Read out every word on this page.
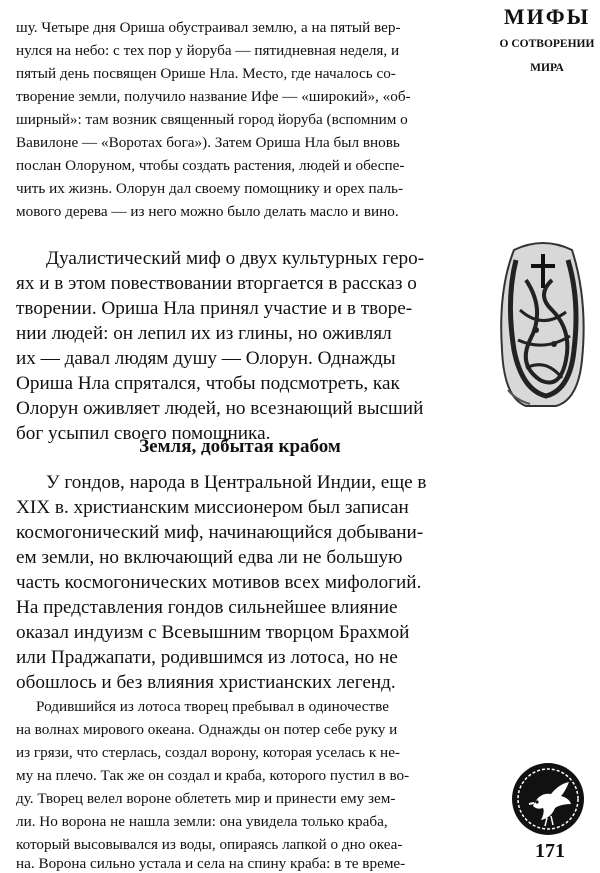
МИФЫ
О СОТВОРЕНИИ
МИРА
шу. Четыре дня Ориша обустраивал землю, а на пятый вер-
нулся на небо: с тех пор у йоруба — пятидневная неделя, и
пятый день посвящен Орише Нла. Место, где началось со-
творение земли, получило название Ифе — «широкий», «об-
ширный»: там возник священный город йоруба (вспомним о
Вавилоне — «Воротах бога»). Затем Ориша Нла был вновь
послан Олоруном, чтобы создать растения, людей и обеспе-
чить их жизнь. Олорун дал своему помощнику и орех паль-
мового дерева — из него можно было делать масло и вино.
Дуалистический миф о двух культурных геро-
ях и в этом повествовании вторгается в рассказ о
творении. Ориша Нла принял участие и в творе-
нии людей: он лепил их из глины, но оживлял
их — давал людям душу — Олорун. Однажды
Ориша Нла спрятался, чтобы подсмотреть, как
Олорун оживляет людей, но всезнающий высший
бог усыпил своего помощника.
Земля, добытая крабом
У гондов, народа в Центральной Индии, еще в
XIX в. христианским миссионером был записан
космогонический миф, начинающийся добывани-
ем земли, но включающий едва ли не большую
часть космогонических мотивов всех мифологий.
На представления гондов сильнейшее влияние
оказал индуизм с Всевышним творцом Брахмой
или Праджапати, родившимся из лотоса, но не
обошлось и без влияния христианских легенд.
Родившийся из лотоса творец пребывал в одиночестве
на волнах мирового океана. Однажды он потер себе руку и
из грязи, что стерлась, создал ворону, которая уселась к не-
му на плечо. Так же он создал и краба, которого пустил в во-
ду. Творец велел вороне облететь мир и принести ему зем-
ли. Но ворона не нашла земли: она увидела только краба,
который высовывался из воды, опираясь лапкой о дно океа-
на. Ворона сильно устала и села на спину краба: в те време-
171
